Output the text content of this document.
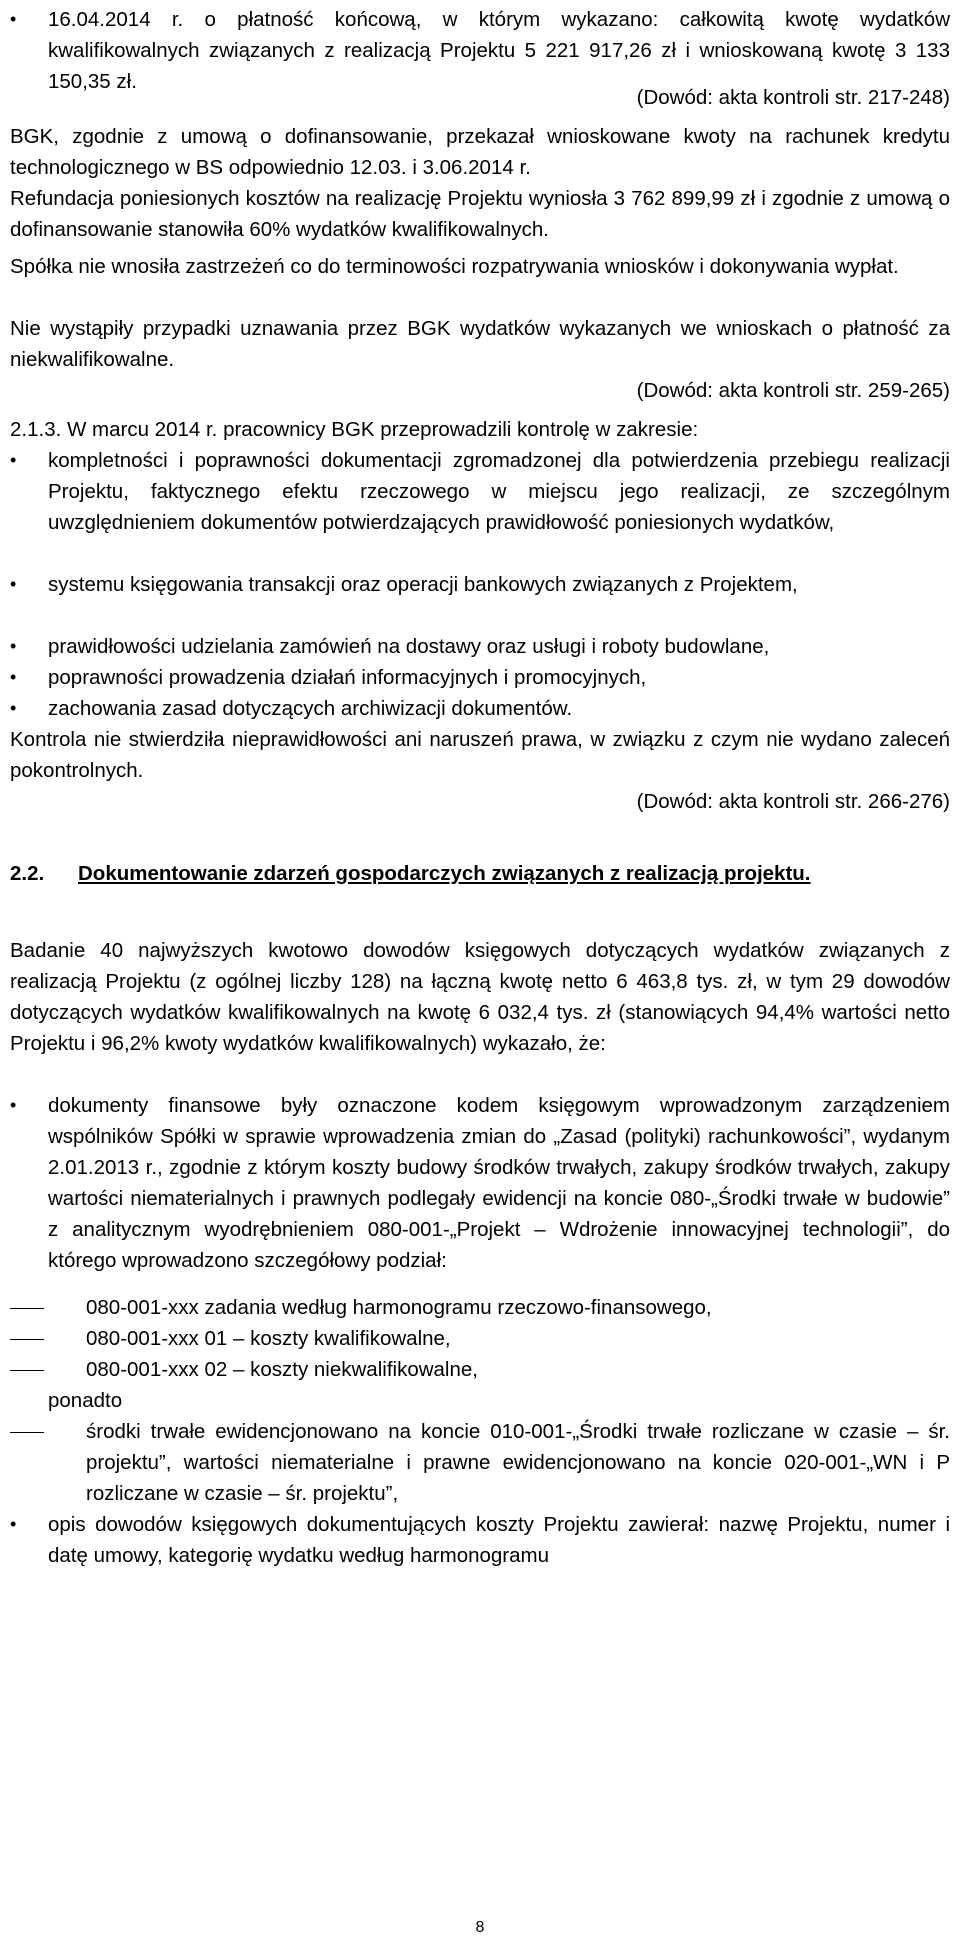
• 16.04.2014 r. o płatność końcową, w którym wykazano: całkowitą kwotę wydatków kwalifikowalnych związanych z realizacją Projektu 5 221 917,26 zł i wnioskowaną kwotę 3 133 150,35 zł.
(Dowód: akta kontroli str. 217-248)
BGK, zgodnie z umową o dofinansowanie, przekazał wnioskowane kwoty na rachunek kredytu technologicznego w BS odpowiednio 12.03. i 3.06.2014 r.
Refundacja poniesionych kosztów na realizację Projektu wyniosła 3 762 899,99 zł i zgodnie z umową o dofinansowanie stanowiła 60% wydatków kwalifikowalnych.
Spółka nie wnosiła zastrzeżeń co do terminowości rozpatrywania wniosków i dokonywania wypłat.
Nie wystąpiły przypadki uznawania przez BGK wydatków wykazanych we wnioskach o płatność za niekwalifikowalne.
(Dowód: akta kontroli str. 259-265)
2.1.3. W marcu 2014 r. pracownicy BGK przeprowadzili kontrolę w zakresie:
• kompletności i poprawności dokumentacji zgromadzonej dla potwierdzenia przebiegu realizacji Projektu, faktycznego efektu rzeczowego w miejscu jego realizacji, ze szczególnym uwzględnieniem dokumentów potwierdzających prawidłowość poniesionych wydatków,
• systemu księgowania transakcji oraz operacji bankowych związanych z Projektem,
• prawidłowości udzielania zamówień na dostawy oraz usługi i roboty budowlane,
• poprawności prowadzenia działań informacyjnych i promocyjnych,
• zachowania zasad dotyczących archiwizacji dokumentów.
Kontrola nie stwierdziła nieprawidłowości ani naruszeń prawa, w związku z czym nie wydano zaleceń pokontrolnych.
(Dowód: akta kontroli str. 266-276)
2.2. Dokumentowanie zdarzeń gospodarczych związanych z realizacją projektu.
Badanie 40 najwyższych kwotowo dowodów księgowych dotyczących wydatków związanych z realizacją Projektu (z ogólnej liczby 128) na łączną kwotę netto 6 463,8 tys. zł, w tym 29 dowodów dotyczących wydatków kwalifikowalnych na kwotę 6 032,4 tys. zł (stanowiących 94,4% wartości netto Projektu i 96,2% kwoty wydatków kwalifikowalnych) wykazało, że:
• dokumenty finansowe były oznaczone kodem księgowym wprowadzonym zarządzeniem wspólników Spółki w sprawie wprowadzenia zmian do „Zasad (polityki) rachunkowości”, wydanym 2.01.2013 r., zgodnie z którym koszty budowy środków trwałych, zakupy środków trwałych, zakupy wartości niematerialnych i prawnych podlegały ewidencji na koncie 080-„Środki trwałe w budowie” z analitycznym wyodrębnieniem 080-001-„Projekt – Wdrożenie innowacyjnej technologii”, do którego wprowadzono szczegółowy podział:
080-001-xxx zadania według harmonogramu rzeczowo-finansowego,
080-001-xxx 01 – koszty kwalifikowalne,
080-001-xxx 02 – koszty niekwalifikowalne,
ponadto
środki trwałe ewidencjonowano na koncie 010-001-„Środki trwałe rozliczane w czasie – śr. projektu”, wartości niematerialne i prawne ewidencjonowano na koncie 020-001-„WN i P rozliczane w czasie – śr. projektu”,
• opis dowodów księgowych dokumentujących koszty Projektu zawierał: nazwę Projektu, numer i datę umowy, kategorię wydatku według harmonogramu
8
